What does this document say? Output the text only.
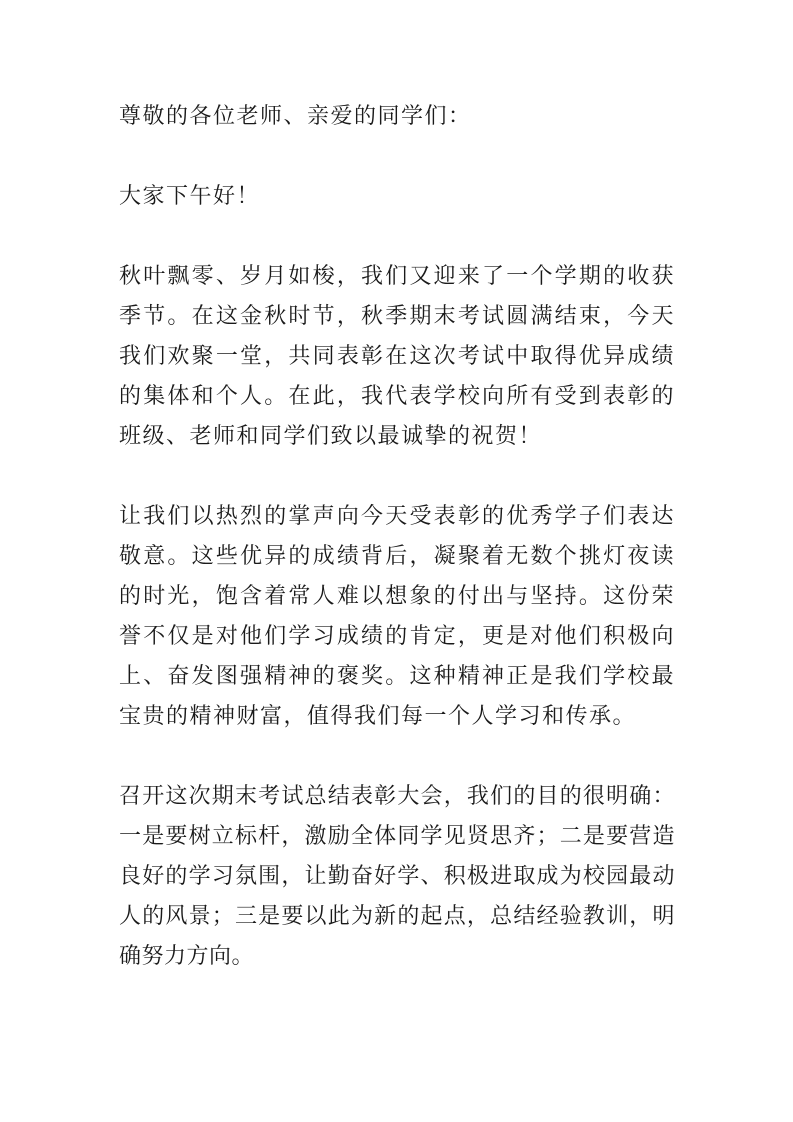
尊敬的各位老师、亲爱的同学们：

大家下午好！

秋叶飘零、岁月如梭，我们又迎来了一个学期的收获季节。在这金秋时节，秋季期末考试圆满结束，今天我们欢聚一堂，共同表彰在这次考试中取得优异成绩的集体和个人。在此，我代表学校向所有受到表彰的班级、老师和同学们致以最诚挚的祝贺！

让我们以热烈的掌声向今天受表彰的优秀学子们表达敬意。这些优异的成绩背后，凝聚着无数个挑灯夜读的时光，饱含着常人难以想象的付出与坚持。这份荣誉不仅是对他们学习成绩的肯定，更是对他们积极向上、奋发图强精神的褒奖。这种精神正是我们学校最宝贵的精神财富，值得我们每一个人学习和传承。

召开这次期末考试总结表彰大会，我们的目的很明确：一是要树立标杆，激励全体同学见贤思齐；二是要营造良好的学习氛围，让勤奋好学、积极进取成为校园最动人的风景；三是要以此为新的起点，总结经验教训，明确努力方向。
